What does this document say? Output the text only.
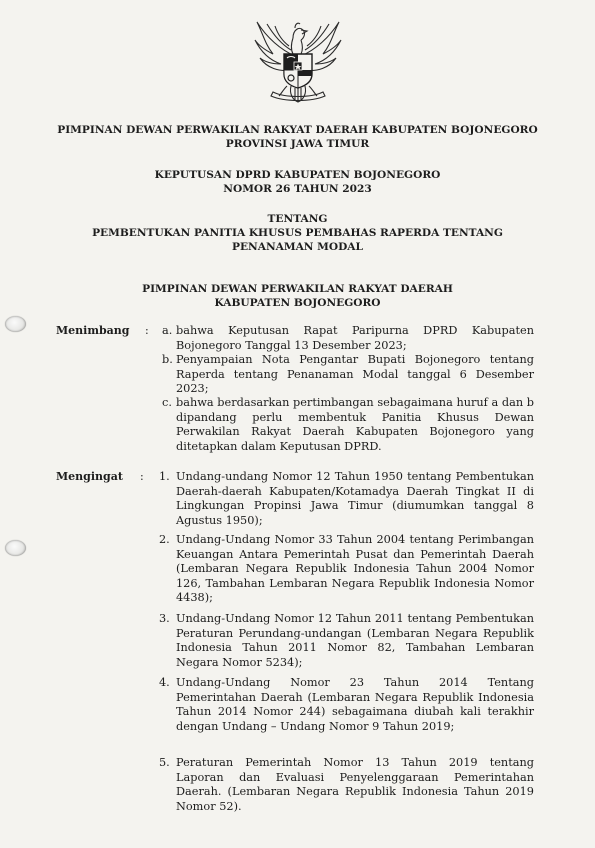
PIMPINAN DEWAN PERWAKILAN RAKYAT DAERAH KABUPATEN BOJONEGORO

PROVINSI JAWA TIMUR

KEPUTUSAN DPRD KABUPATEN BOJONEGORO

NOMOR 26 TAHUN 2023

TENTANG

PEMBENTUKAN PANITIA KHUSUS PEMBAHAS RAPERDA TENTANG

PENANAMAN MODAL

PIMPINAN DEWAN PERWAKILAN RAKYAT DAERAH

KABUPATEN BOJONEGORO

Menimbang : a. bahwa Keputusan Rapat Paripurna DPRD Kabupaten Bojonegoro Tanggal 13 Desember 2023;
b. Penyampaian Nota Pengantar Bupati Bojonegoro tentang Raperda tentang Penanaman Modal tanggal 6 Desember 2023;
c. bahwa berdasarkan pertimbangan sebagaimana huruf a dan b dipandang perlu membentuk Panitia Khusus Dewan Perwakilan Rakyat Daerah Kabupaten Bojonegoro yang ditetapkan dalam Keputusan DPRD.
Mengingat : 1. Undang-undang Nomor 12 Tahun 1950 tentang Pembentukan Daerah-daerah Kabupaten/Kotamadya Daerah Tingkat II di Lingkungan Propinsi Jawa Timur (diumumkan tanggal 8 Agustus 1950);
2. Undang-Undang Nomor 33 Tahun 2004 tentang Perimbangan Keuangan Antara Pemerintah Pusat dan Pemerintah Daerah (Lembaran Negara Republik Indonesia Tahun 2004 Nomor 126, Tambahan Lembaran Negara Republik Indonesia Nomor 4438);
3. Undang-Undang Nomor 12 Tahun 2011 tentang Pembentukan Peraturan Perundang-undangan (Lembaran Negara Republik Indonesia Tahun 2011 Nomor 82, Tambahan Lembaran Negara Nomor 5234);
4. Undang-Undang Nomor 23 Tahun 2014 Tentang Pemerintahan Daerah (Lembaran Negara Republik Indonesia Tahun 2014 Nomor 244) sebagaimana diubah kali terakhir dengan Undang – Undang Nomor 9 Tahun 2019;
5. Peraturan Pemerintah Nomor 13 Tahun 2019 tentang Laporan dan Evaluasi Penyelenggaraan Pemerintahan Daerah. (Lembaran Negara Republik Indonesia Tahun 2019 Nomor 52).
